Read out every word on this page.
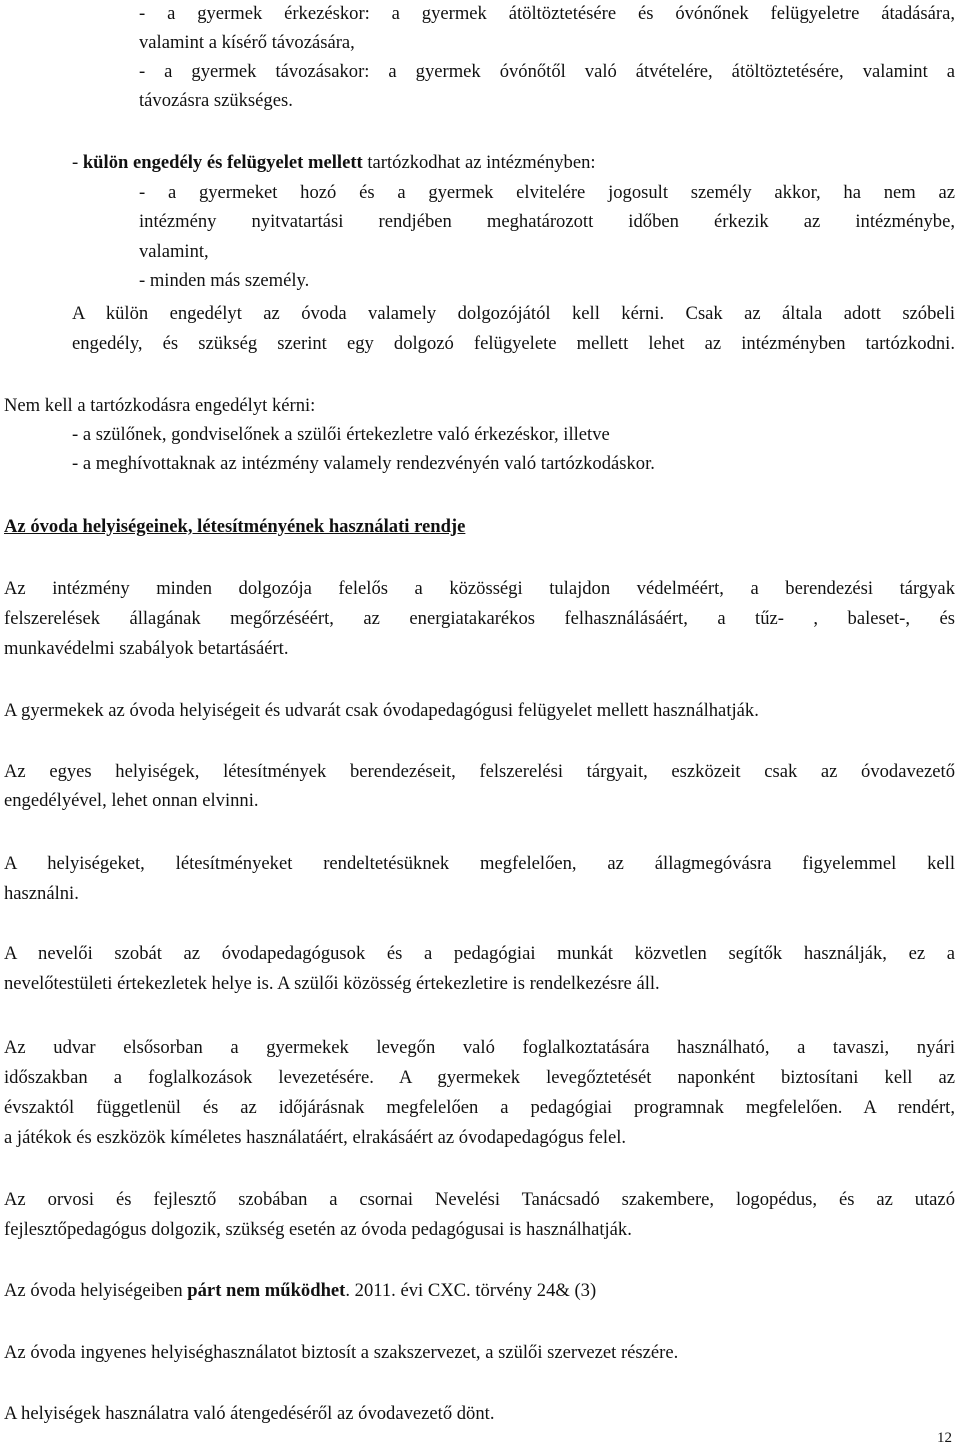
- a gyermek érkezéskor: a gyermek átöltöztetésére és óvónőnek felügyeletre átadására,
valamint a kísérő távozására,
- a gyermek távozásakor: a gyermek óvónőtől való átvételére, átöltöztetésére, valamint a
távozásra szükséges.
- külön engedély és felügyelet mellett tartózkodhat az intézményben:
- a gyermeket hozó és a gyermek elvitelére jogosult személy akkor, ha nem az
intézmény nyitvatartási rendjében meghatározott időben érkezik az intézménybe,
valamint,
- minden más személy.
A külön engedélyt az óvoda valamely dolgozójától kell kérni. Csak az általa adott szóbeli
engedély, és szükség szerint egy dolgozó felügyelete mellett lehet az intézményben tartózkodni.
Nem kell a tartózkodásra engedélyt kérni:
- a szülőnek, gondviselőnek a szülői értekezletre való érkezéskor, illetve
- a meghívottaknak az intézmény valamely rendezvényén való tartózkodáskor.
Az óvoda helyiségeinek, létesítményének használati rendje
Az intézmény minden dolgozója felelős a közösségi tulajdon védelméért, a berendezési tárgyak
felszerelések állagának megőrzéséért, az energiatakarékos felhasználásáért, a tűz- , baleset-, és
munkavédelmi szabályok betartásáért.
A gyermekek az óvoda helyiségeit és udvarát csak óvodapedagógusi felügyelet mellett használhatják.
Az egyes helyiségek, létesítmények berendezéseit, felszerelési tárgyait, eszközeit csak az óvodavezető
engedélyével, lehet onnan elvinni.
A helyiségeket, létesítményeket rendeltetésüknek megfelelően, az állagmegóvásra figyelemmel kell
használni.
A nevelői szobát az óvodapedagógusok és a pedagógiai munkát közvetlen segítők használják, ez a
nevelőtestületi értekezletek helye is. A szülői közösség értekezletire is rendelkezésre áll.
Az udvar elsősorban a gyermekek levegőn való foglalkoztatására használható, a tavaszi, nyári
időszakban a foglalkozások levezetésére. A gyermekek levegőztetését naponként biztosítani kell az
évszaktól függetlenül és az időjárásnak megfelelően a pedagógiai programnak megfelelően. A rendért,
a játékok és eszközök kíméletes használatáért, elrakásáért az óvodapedagógus felel.
Az orvosi és fejlesztő szobában a csornai Nevelési Tanácsadó szakembere, logopédus, és az utazó
fejlesztőpedagógus dolgozik, szükség esetén az óvoda pedagógusai is használhatják.
Az óvoda helyiségeiben párt nem működhet. 2011. évi CXC. törvény 24& (3)
Az óvoda ingyenes helyiséghasználatot biztosít a szakszervezet, a szülői szervezet részére.
A helyiségek használatra való átengedéséről az óvodavezető dönt.
12
